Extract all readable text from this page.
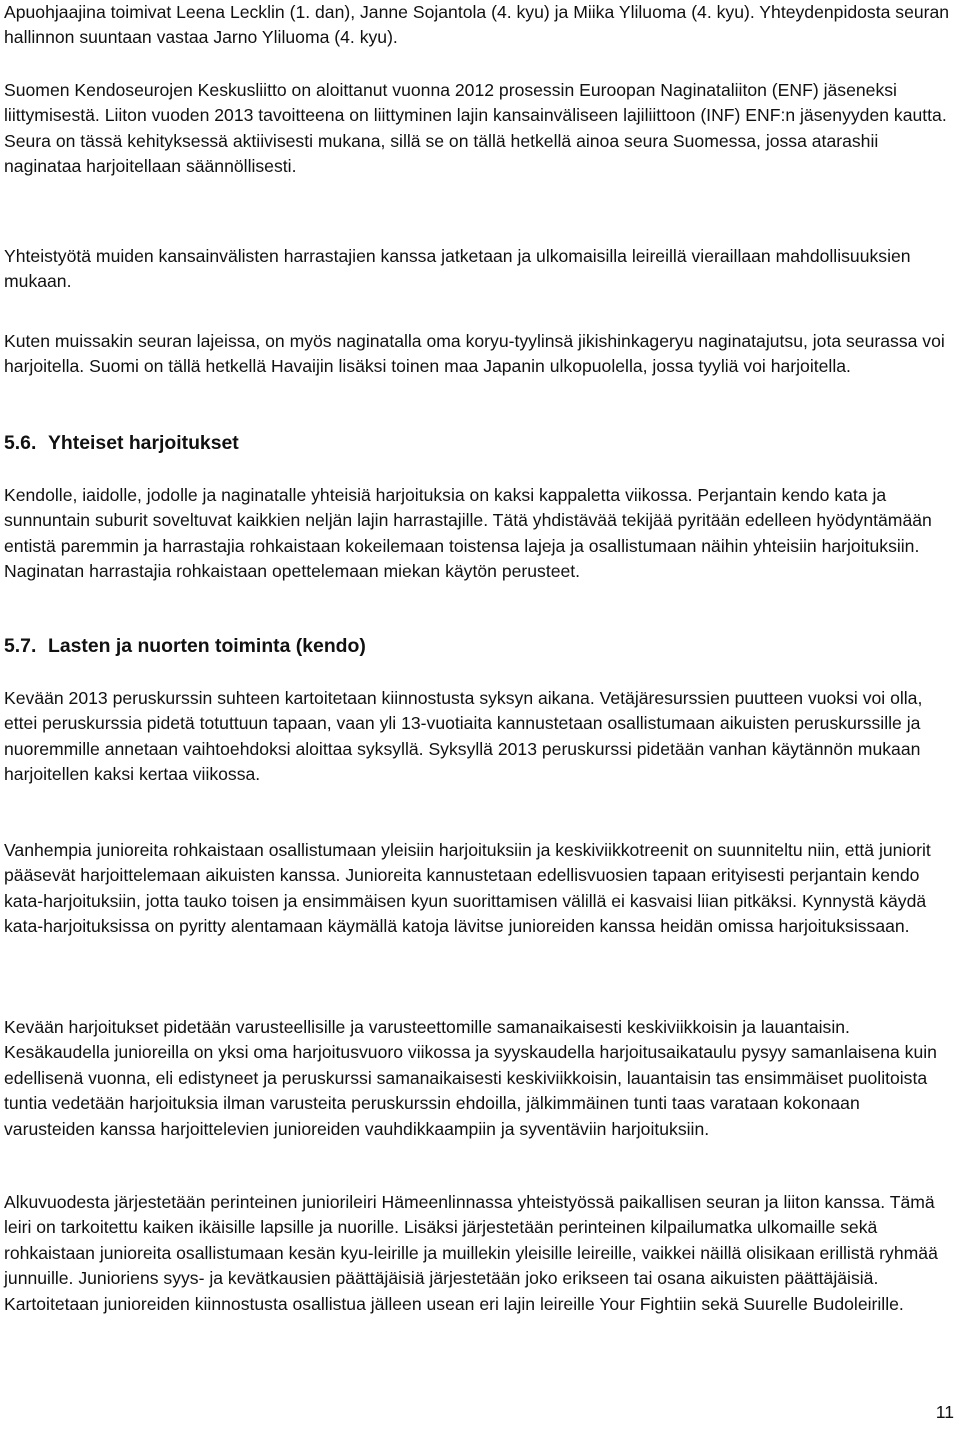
Apuohjaajina toimivat Leena Lecklin (1. dan), Janne Sojantola (4. kyu) ja Miika Yliluoma (4. kyu). Yhteydenpidosta seuran hallinnon suuntaan vastaa Jarno Yliluoma (4. kyu).

Suomen Kendoseurojen Keskusliitto on aloittanut vuonna 2012 prosessin Euroopan Naginataliiton (ENF) jäseneksi liittymisestä. Liiton vuoden 2013 tavoitteena on liittyminen lajin kansainväliseen lajiliittoon (INF) ENF:n jäsenyyden kautta. Seura on tässä kehityksessä aktiivisesti mukana, sillä se on tällä hetkellä ainoa seura Suomessa, jossa atarashii naginataa harjoitellaan säännöllisesti.

Yhteistyötä muiden kansainvälisten harrastajien kanssa jatketaan ja ulkomaisilla leireillä vieraillaan mahdollisuuksien mukaan.

Kuten muissakin seuran lajeissa, on myös naginatalla oma koryu-tyylinsä jikishinkageryu naginatajutsu, jota seurassa voi harjoitella. Suomi on tällä hetkellä Havaijin lisäksi toinen maa Japanin ulkopuolella, jossa tyyliä voi harjoitella.

5.6. Yhteiset harjoitukset

Kendolle, iaidolle, jodolle ja naginatalle yhteisiä harjoituksia on kaksi kappaletta viikossa. Perjantain kendo kata ja sunnuntain suburit soveltuvat kaikkien neljän lajin harrastajille. Tätä yhdistävää tekijää pyritään edelleen hyödyntämään entistä paremmin ja harrastajia rohkaistaan kokeilemaan toistensa lajeja ja osallistumaan näihin yhteisiin harjoituksiin. Naginatan harrastajia rohkaistaan opettelemaan miekan käytön perusteet.

5.7. Lasten ja nuorten toiminta (kendo)

Kevään 2013 peruskurssin suhteen kartoitetaan kiinnostusta syksyn aikana. Vetäjäresurssien puutteen vuoksi voi olla, ettei peruskurssia pidetä totuttuun tapaan, vaan yli 13-vuotiaita kannustetaan osallistumaan aikuisten peruskurssille ja nuoremmille annetaan vaihtoehdoksi aloittaa syksyllä. Syksyllä 2013 peruskurssi pidetään vanhan käytännön mukaan harjoitellen kaksi kertaa viikossa.

Vanhempia junioreita rohkaistaan osallistumaan yleisiin harjoituksiin ja keskiviikkotreenit on suunniteltu niin, että juniorit pääsevät harjoittelemaan aikuisten kanssa. Junioreita kannustetaan edellisvuosien tapaan erityisesti perjantain kendo kata-harjoituksiin, jotta tauko toisen ja ensimmäisen kyun suorittamisen välillä ei kasvaisi liian pitkäksi. Kynnystä käydä kata-harjoituksissa on pyritty alentamaan käymällä katoja lävitse junioreiden kanssa heidän omissa harjoituksissaan.

Kevään harjoitukset pidetään varusteellisille ja varusteettomille samanaikaisesti keskiviikkoisin ja lauantaisin. Kesäkaudella junioreilla on yksi oma harjoitusvuoro viikossa ja syyskaudella harjoitusaikataulu pysyy samanlaisena kuin edellisenä vuonna, eli edistyneet ja peruskurssi samanaikaisesti keskiviikkoisin, lauantaisin tas ensimmäiset puolitoista tuntia vedetään harjoituksia ilman varusteita peruskurssin ehdoilla, jälkimmäinen tunti taas varataan kokonaan varusteiden kanssa harjoittelevien junioreiden vauhdikkaampiin ja syventäviin harjoituksiin.

Alkuvuodesta järjestetään perinteinen juniorileiri Hämeenlinnassa yhteistyössä paikallisen seuran ja liiton kanssa. Tämä leiri on tarkoitettu kaiken ikäisille lapsille ja nuorille. Lisäksi järjestetään perinteinen kilpailumatka ulkomaille sekä rohkaistaan junioreita osallistumaan kesän kyu-leirille ja muillekin yleisille leireille, vaikkei näillä olisikaan erillistä ryhmää junnuille. Junioriens syys- ja kevätkausien päättäjäisiä järjestetään joko erikseen tai osana aikuisten päättäjäisiä. Kartoitetaan junioreiden kiinnostusta osallistua jälleen usean eri lajin leireille Your Fightiin sekä Suurelle Budoleirille.

11
